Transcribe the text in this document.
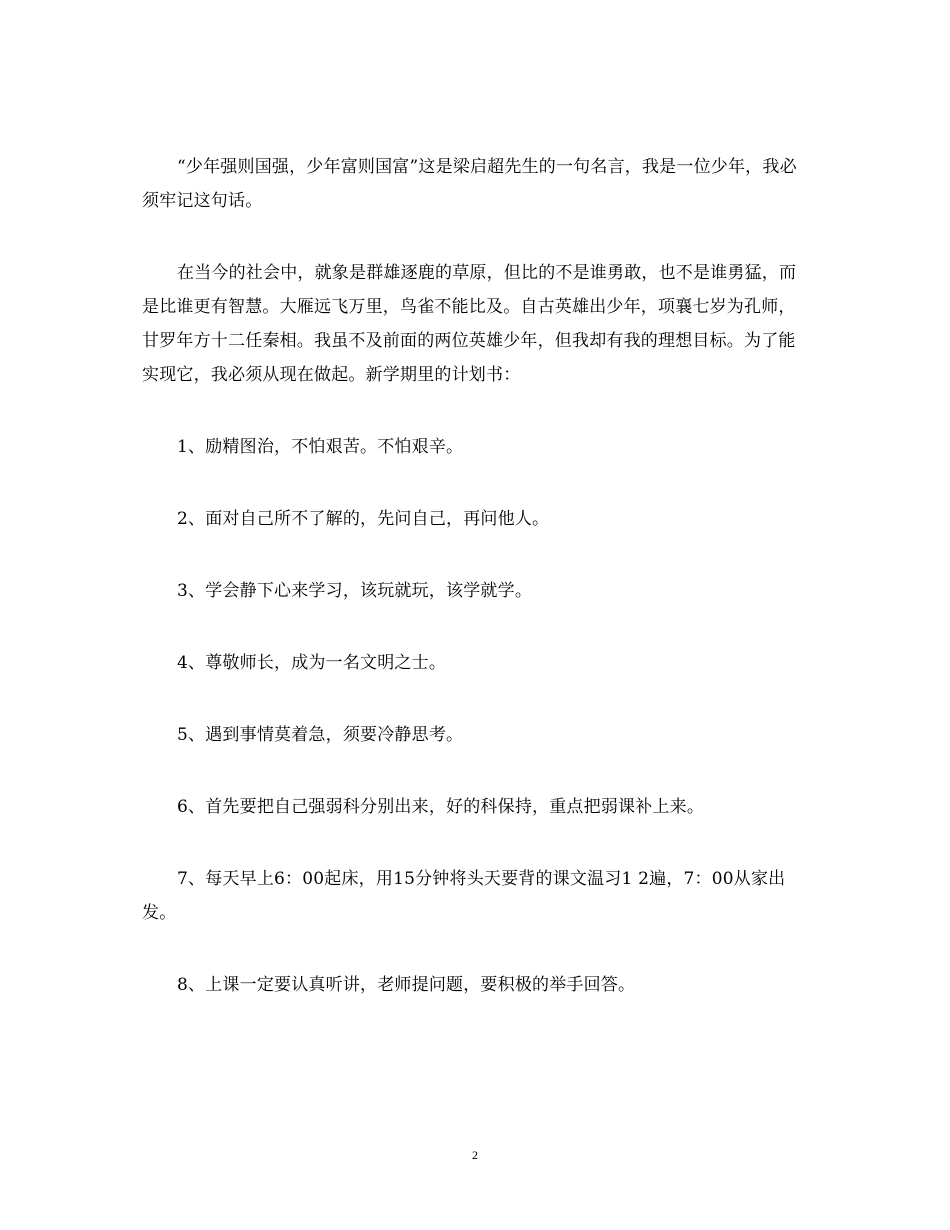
“少年强则国强，少年富则国富”这是梁启超先生的一句名言，我是一位少年，我必须牢记这句话。

在当今的社会中，就象是群雄逐鹿的草原，但比的不是谁勇敢，也不是谁勇猛，而是比谁更有智慧。大雁远飞万里，鸟雀不能比及。自古英雄出少年，项襄七岁为孔师，甘罗年方十二任秦相。我虽不及前面的两位英雄少年，但我却有我的理想目标。为了能实现它，我必须从现在做起。新学期里的计划书：

1、励精图治，不怕艰苦。不怕艰辛。

2、面对自己所不了解的，先问自己，再问他人。

3、学会静下心来学习，该玩就玩，该学就学。

4、尊敬师长，成为一名文明之士。

5、遇到事情莫着急，须要冷静思考。

6、首先要把自己强弱科分别出来，好的科保持，重点把弱课补上来。

7、每天早上6：00起床，用15分钟将头天要背的课文温习1 2遍，7：00从家出发。

8、上课一定要认真听讲，老师提问题，要积极的举手回答。

2
